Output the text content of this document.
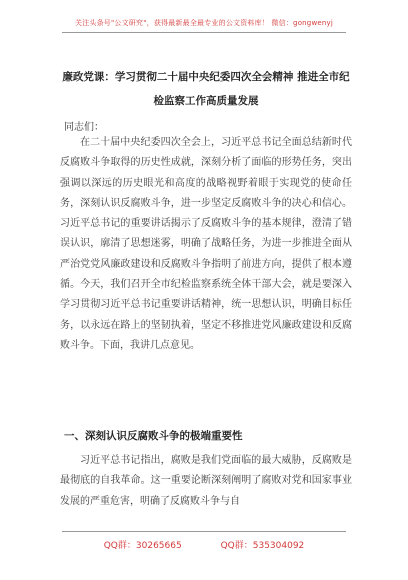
关注头条号"公文研究"，获得最新最全最专业的公文资料库！ 微信：gongwenyj
廉政党课：学习贯彻二十届中央纪委四次全会精神 推进全市纪检监察工作高质量发展
同志们：

在二十届中央纪委四次全会上，习近平总书记全面总结新时代反腐败斗争取得的历史性成就，深刻分析了面临的形势任务，突出强调以深远的历史眼光和高度的战略视野着眼于实现党的使命任务，深刻认识反腐败斗争，进一步坚定反腐败斗争的决心和信心。习近平总书记的重要讲话揭示了反腐败斗争的基本规律，澄清了错误认识，廓清了思想迷雾，明确了战略任务，为进一步推进全面从严治党党风廉政建设和反腐败斗争指明了前进方向，提供了根本遵循。今天，我们召开全市纪检监察系统全体干部大会，就是要深入学习贯彻习近平总书记重要讲话精神，统一思想认识，明确目标任务，以永远在路上的坚韧执着，坚定不移推进党风廉政建设和反腐败斗争。下面，我讲几点意见。

一、深刻认识反腐败斗争的极端重要性

习近平总书记指出，腐败是我们党面临的最大威胁，反腐败是最彻底的自我革命。这一重要论断深刻阐明了腐败对党和国家事业发展的严重危害，明确了反腐败斗争与自

QQ群：30265665	QQ群：535304092
